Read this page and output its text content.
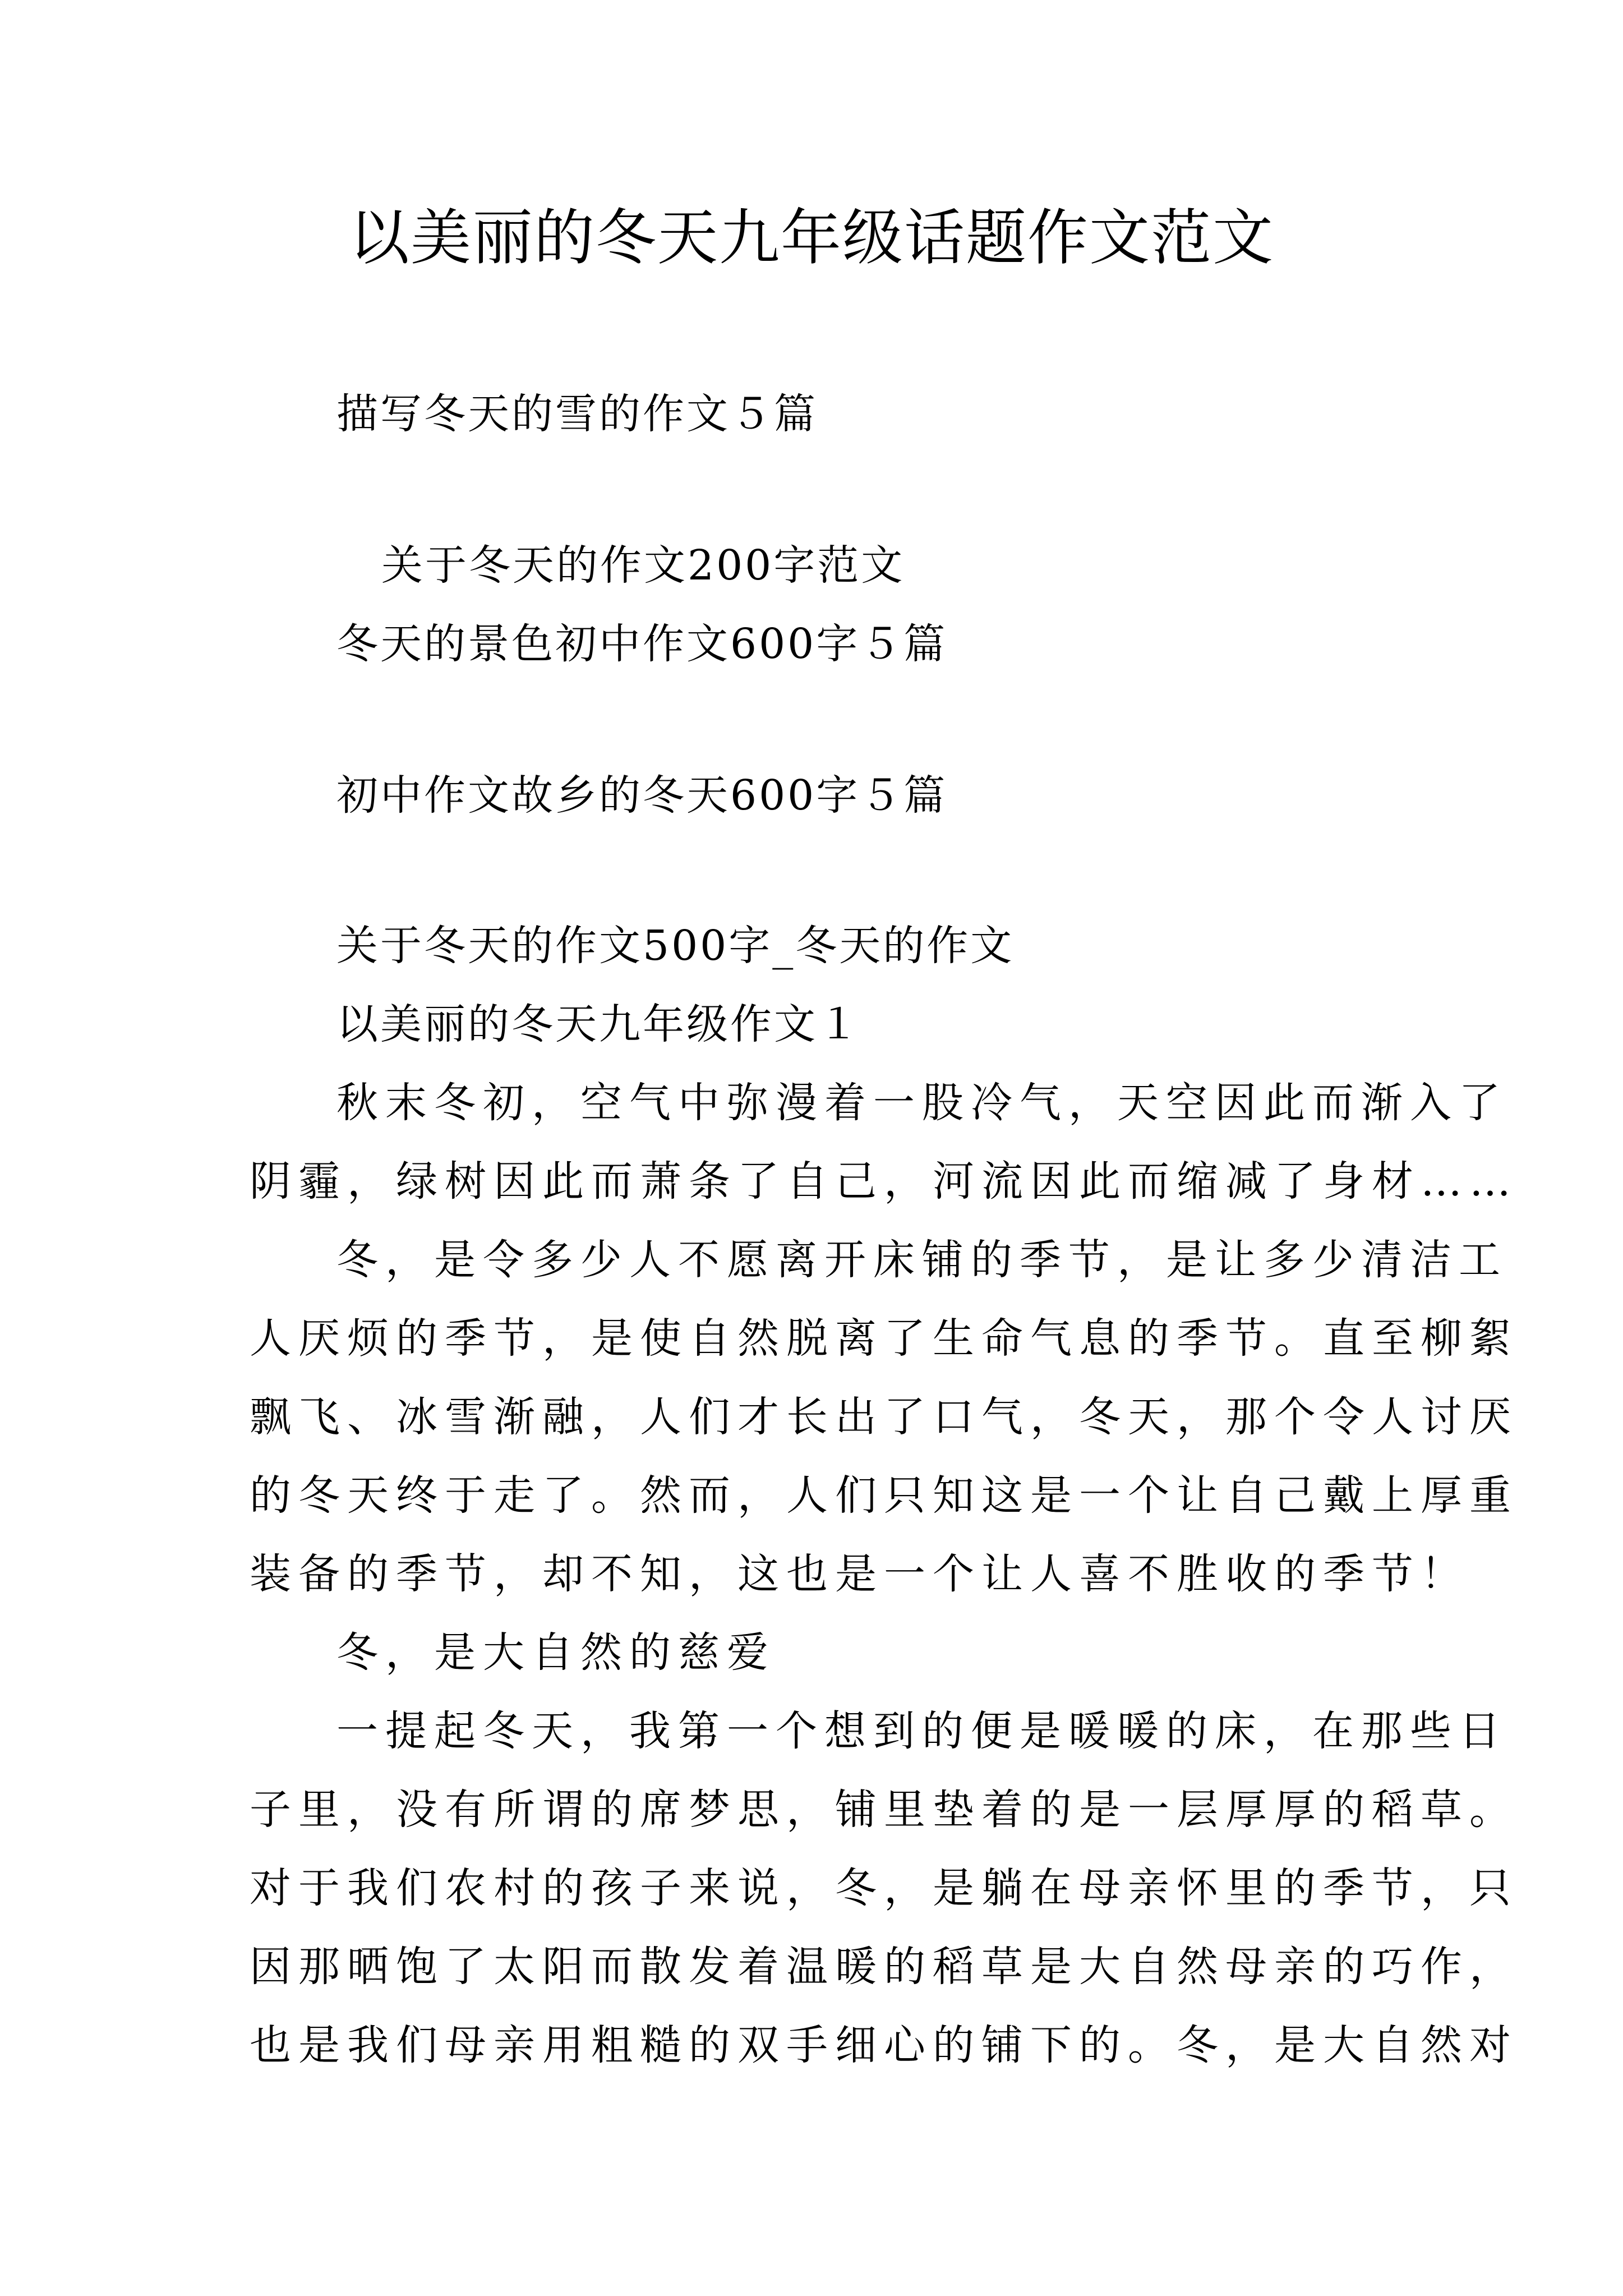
以美丽的冬天九年级话题作文范文
描写冬天的雪的作文５篇
关于冬天的作文200字范文
冬天的景色初中作文600字５篇
初中作文故乡的冬天600字５篇
关于冬天的作文500字_冬天的作文
以美丽的冬天九年级作文１
秋末冬初，空气中弥漫着一股冷气，天空因此而渐入了
阴霾，绿树因此而萧条了自己，河流因此而缩减了身材……
冬，是令多少人不愿离开床铺的季节，是让多少清洁工
人厌烦的季节，是使自然脱离了生命气息的季节。直至柳絮
飘飞、冰雪渐融，人们才长出了口气，冬天，那个令人讨厌
的冬天终于走了。然而，人们只知这是一个让自己戴上厚重
装备的季节，却不知，这也是一个让人喜不胜收的季节！
冬，是大自然的慈爱
一提起冬天，我第一个想到的便是暖暖的床，在那些日
子里，没有所谓的席梦思，铺里垫着的是一层厚厚的稻草。
对于我们农村的孩子来说，冬，是躺在母亲怀里的季节，只
因那晒饱了太阳而散发着温暖的稻草是大自然母亲的巧作，
也是我们母亲用粗糙的双手细心的铺下的。冬，是大自然对
